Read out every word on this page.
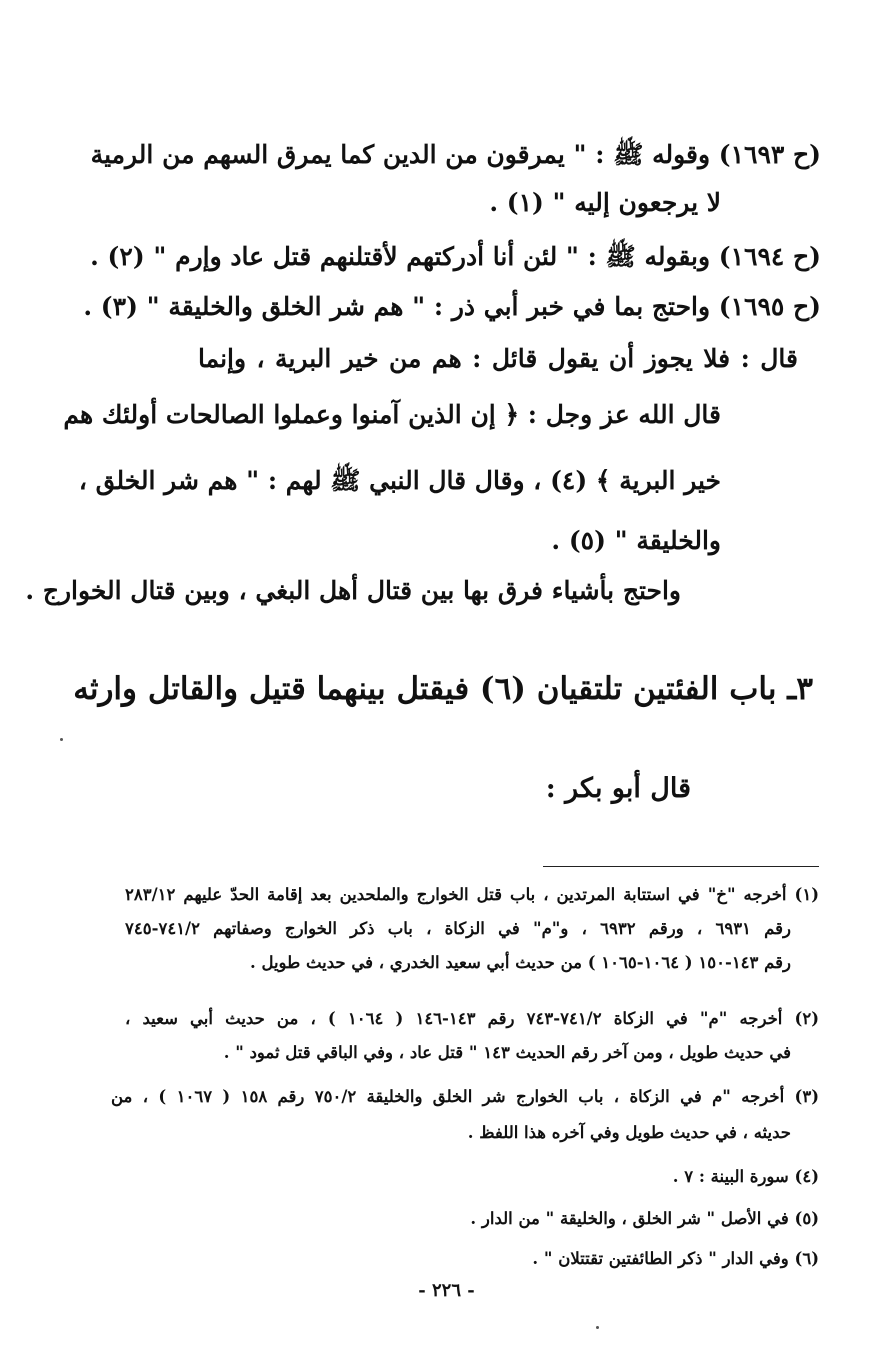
(ح ١٦٩٣) وقوله ﷺ : " يمرقون من الدين كما يمرق السهم من الرمية
لا يرجعون إليه " (١) .
(ح ١٦٩٤) وبقوله ﷺ : " لئن أنا أدركتهم لأقتلنهم قتل عاد وإرم " (٢) .
(ح ١٦٩٥) واحتج بما في خبر أبي ذر : " هم شر الخلق والخليقة " (٣) .
قال : فلا يجوز أن يقول قائل : هم من خير البرية ، وإنما
قال الله عز وجل : ﴿ إن الذين آمنوا وعملوا الصالحات أولئك هم
خير البرية ﴾ (٤) ، وقال قال النبي ﷺ لهم : " هم شر الخلق ،
والخليقة " (٥) .
واحتج بأشياء فرق بها بين قتال أهل البغي ، وبين قتال الخوارج .
٣ـ باب الفئتين تلتقيان (٦) فيقتل بينهما قتيل والقاتل وارثه
قال أبو بكر :
(١) أخرجه "خ" في استتابة المرتدين ، باب قتل الخوارج والملحدين بعد إقامة الحدّ عليهم ٢٨٣/١٢
رقم ٦٩٣١ ، ورقم ٦٩٣٢ ، و"م" في الزكاة ، باب ذكر الخوارج وصفاتهم ٧٤١/٢-٧٤٥
رقم ١٤٣-١٥٠ ( ١٠٦٤-١٠٦٥ ) من حديث أبي سعيد الخدري ، في حديث طويل .
(٢) أخرجه "م" في الزكاة ٧٤١/٢-٧٤٣ رقم ١٤٣-١٤٦ ( ١٠٦٤ ) ، من حديث أبي سعيد ،
في حديث طويل ، ومن آخر رقم الحديث ١٤٣ " قتل عاد ، وفي الباقي قتل ثمود " .
(٣) أخرجه "م في الزكاة ، باب الخوارج شر الخلق والخليقة ٧٥٠/٢ رقم ١٥٨ ( ١٠٦٧ ) ، من
حديثه ، في حديث طويل وفي آخره هذا اللفظ .
(٤) سورة البينة : ٧ .
(٥) في الأصل " شر الخلق ، والخليقة " من الدار .
(٦) وفي الدار " ذكر الطائفتين تقتتلان " .
- ٢٢٦ -
